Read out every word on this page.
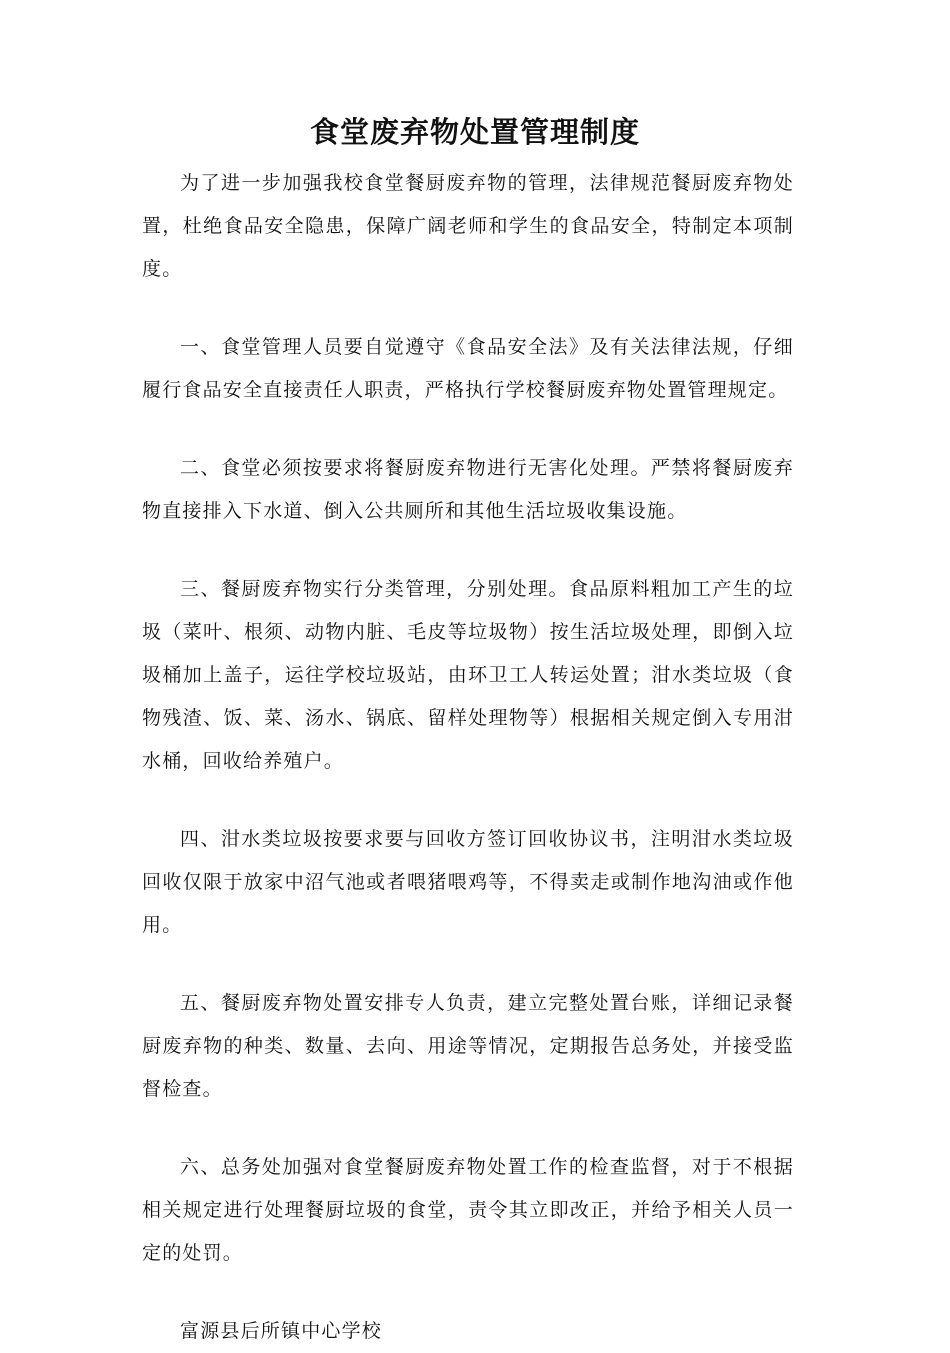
食堂废弃物处置管理制度

为了进一步加强我校食堂餐厨废弃物的管理，法律规范餐厨废弃物处置，杜绝食品安全隐患，保障广阔老师和学生的食品安全，特制定本项制度。

一、食堂管理人员要自觉遵守《食品安全法》及有关法律法规，仔细履行食品安全直接责任人职责，严格执行学校餐厨废弃物处置管理规定。

二、食堂必须按要求将餐厨废弃物进行无害化处理。严禁将餐厨废弃物直接排入下水道、倒入公共厕所和其他生活垃圾收集设施。

三、餐厨废弃物实行分类管理，分别处理。食品原料粗加工产生的垃圾（菜叶、根须、动物内脏、毛皮等垃圾物）按生活垃圾处理，即倒入垃圾桶加上盖子，运往学校垃圾站，由环卫工人转运处置；泔水类垃圾（食物残渣、饭、菜、汤水、锅底、留样处理物等）根据相关规定倒入专用泔水桶，回收给养殖户。

四、泔水类垃圾按要求要与回收方签订回收协议书，注明泔水类垃圾回收仅限于放家中沼气池或者喂猪喂鸡等，不得卖走或制作地沟油或作他用。

五、餐厨废弃物处置安排专人负责，建立完整处置台账，详细记录餐厨废弃物的种类、数量、去向、用途等情况，定期报告总务处，并接受监督检查。

六、总务处加强对食堂餐厨废弃物处置工作的检查监督，对于不根据相关规定进行处理餐厨垃圾的食堂，责令其立即改正，并给予相关人员一定的处罚。

富源县后所镇中心学校
